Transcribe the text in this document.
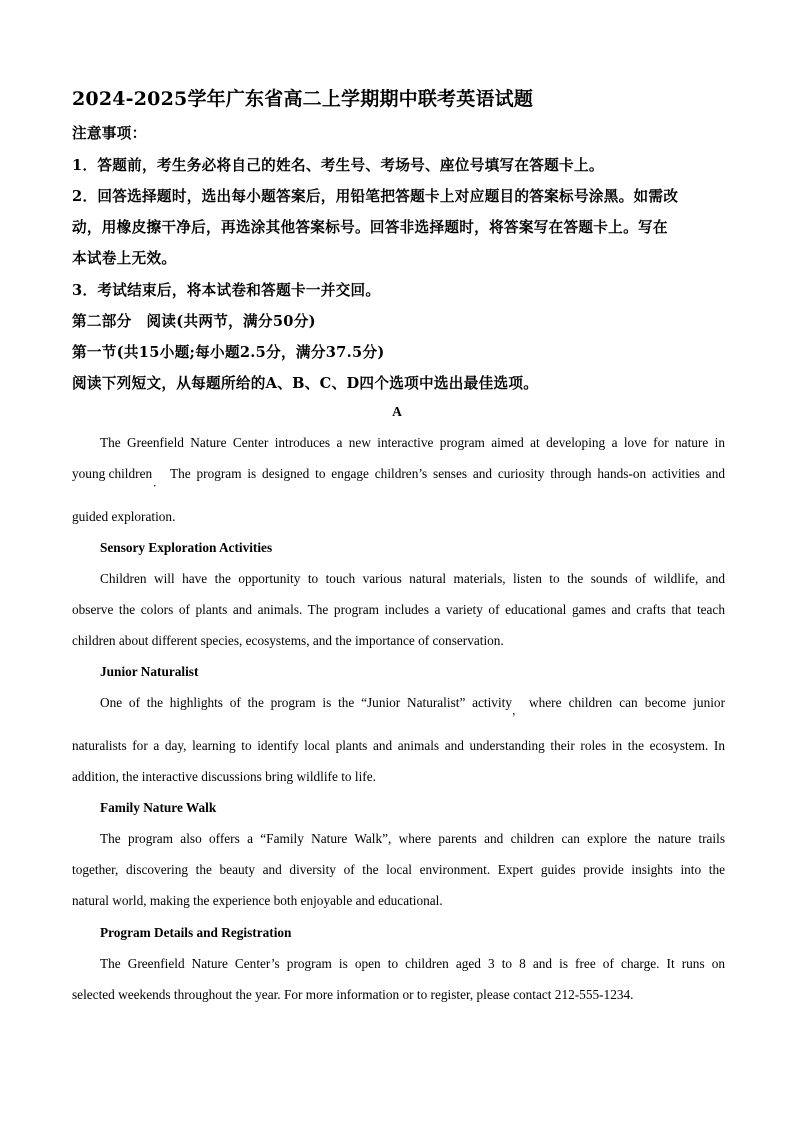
2024-2025学年广东省高二上学期期中联考英语试题
注意事项：
1．答题前，考生务必将自己的姓名、考生号、考场号、座位号填写在答题卡上。
2．回答选择题时，选出每小题答案后，用铅笔把答题卡上对应题目的答案标号涂黑。如需改
动，用橡皮擦干净后，再选涂其他答案标号。回答非选择题时，将答案写在答题卡上。写在
本试卷上无效。
3．考试结束后，将本试卷和答题卡一并交回。
第二部分　阅读(共两节，满分50分)
第一节(共15小题;每小题2.5分，满分37.5分)
阅读下列短文，从每题所给的A、B、C、D四个选项中选出最佳选项。
A
The Greenfield Nature Center introduces a new interactive program aimed at developing a love for nature in
young children
．
The program is designed to engage children’s senses and curiosity through hands-on activities and
guided exploration.
Sensory Exploration Activities
Children will have the opportunity to touch various natural materials, listen to the sounds of wildlife, and
observe the colors of plants and animals. The program includes a variety of educational games and crafts that teach
children about different species, ecosystems, and the importance of conservation.
Junior Naturalist
One of the highlights of the program is the “Junior Naturalist” activity
，
where children can become junior
naturalists for a day, learning to identify local plants and animals and understanding their roles in the ecosystem. In
addition, the interactive discussions bring wildlife to life.
Family Nature Walk
The program also offers a “Family Nature Walk”, where parents and children can explore the nature trails
together, discovering the beauty and diversity of the local environment. Expert guides provide insights into the
natural world, making the experience both enjoyable and educational.
Program Details and Registration
The Greenfield Nature Center’s program is open to children aged 3 to 8 and is free of charge. It runs on
selected weekends throughout the year. For more information or to register, please contact 212-555-1234.
